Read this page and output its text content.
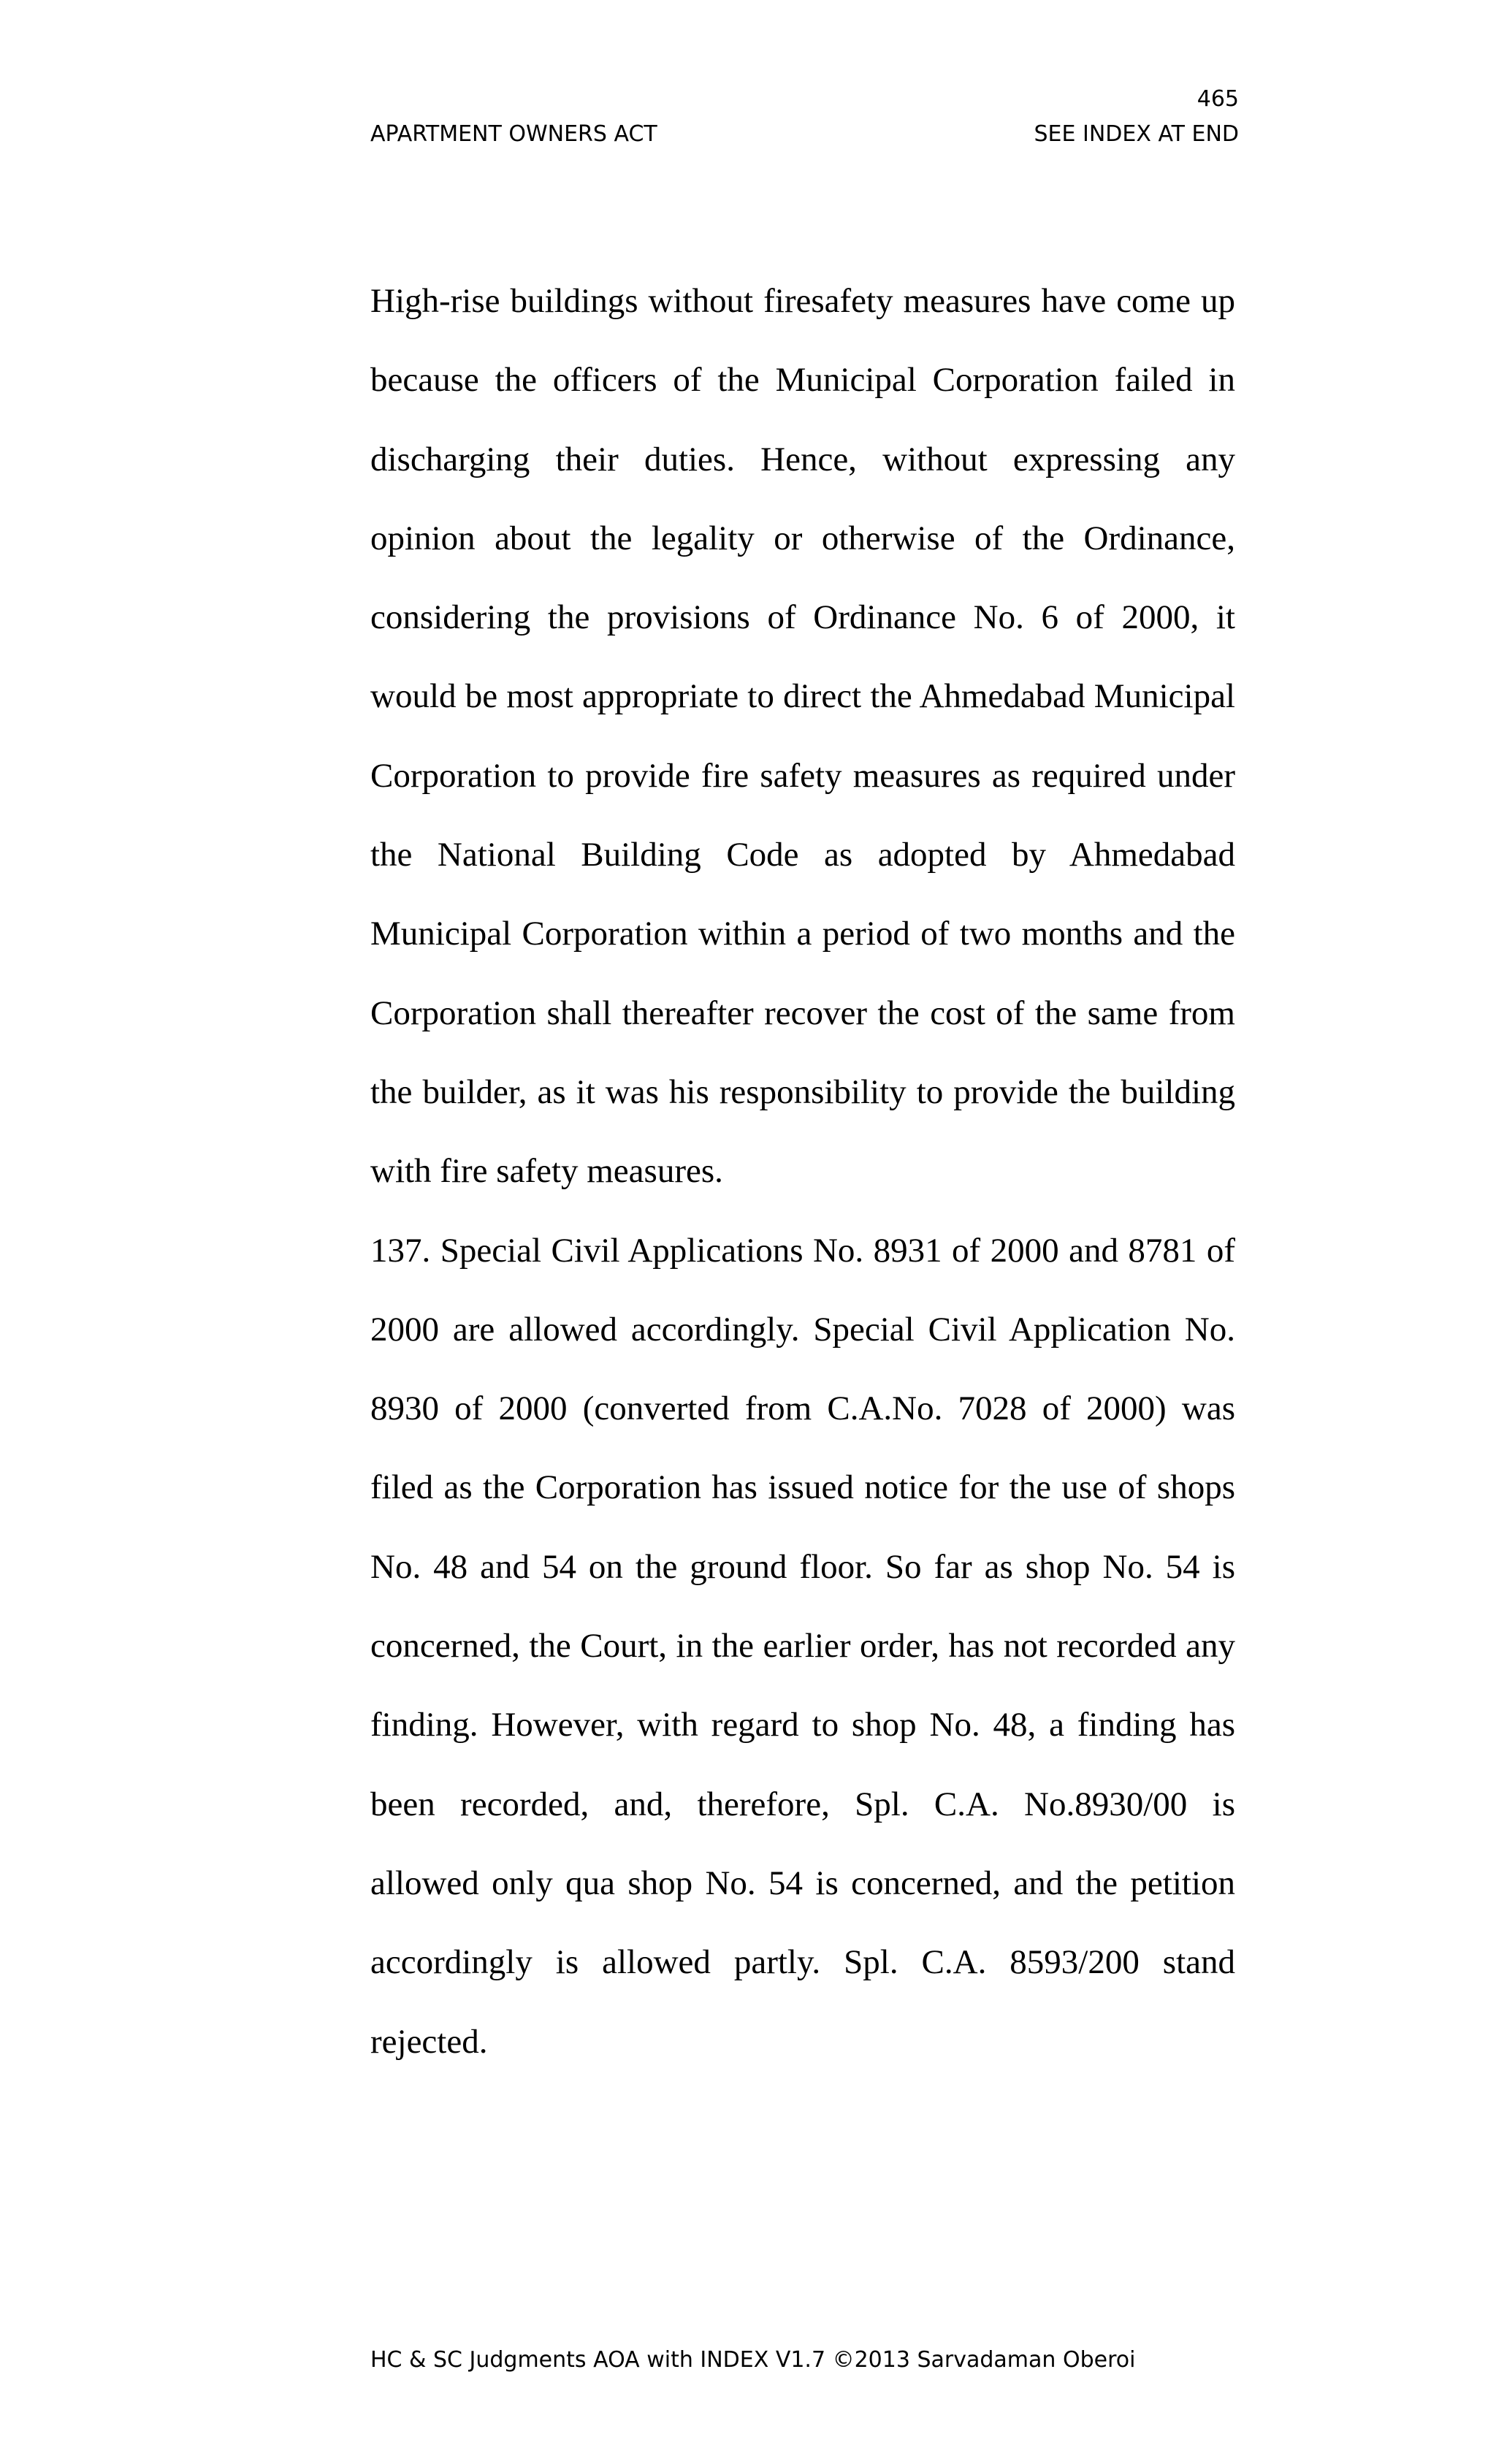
465
APARTMENT OWNERS ACT	SEE INDEX AT END

High-rise buildings without firesafety measures have come up because the officers of the Municipal Corporation failed in discharging their duties. Hence, without expressing any opinion about the legality or otherwise of the Ordinance, considering the provisions of Ordinance No. 6 of 2000, it would be most appropriate to direct the Ahmedabad Municipal Corporation to provide fire safety measures as required under the National Building Code as adopted by Ahmedabad Municipal Corporation within a period of two months and the Corporation shall thereafter recover the cost of the same from the builder, as it was his responsibility to provide the building with fire safety measures.

137. Special Civil Applications No. 8931 of 2000 and 8781 of 2000 are allowed accordingly. Special Civil Application No. 8930 of 2000 (converted from C.A.No. 7028 of 2000) was filed as the Corporation has issued notice for the use of shops No. 48 and 54 on the ground floor. So far as shop No. 54 is concerned, the Court, in the earlier order, has not recorded any finding. However, with regard to shop No. 48, a finding has been recorded, and, therefore, Spl. C.A. No.8930/00 is allowed only qua shop No. 54 is concerned, and the petition accordingly is allowed partly. Spl. C.A. 8593/200 stand rejected.

HC & SC Judgments AOA with INDEX V1.7 ©2013 Sarvadaman Oberoi
